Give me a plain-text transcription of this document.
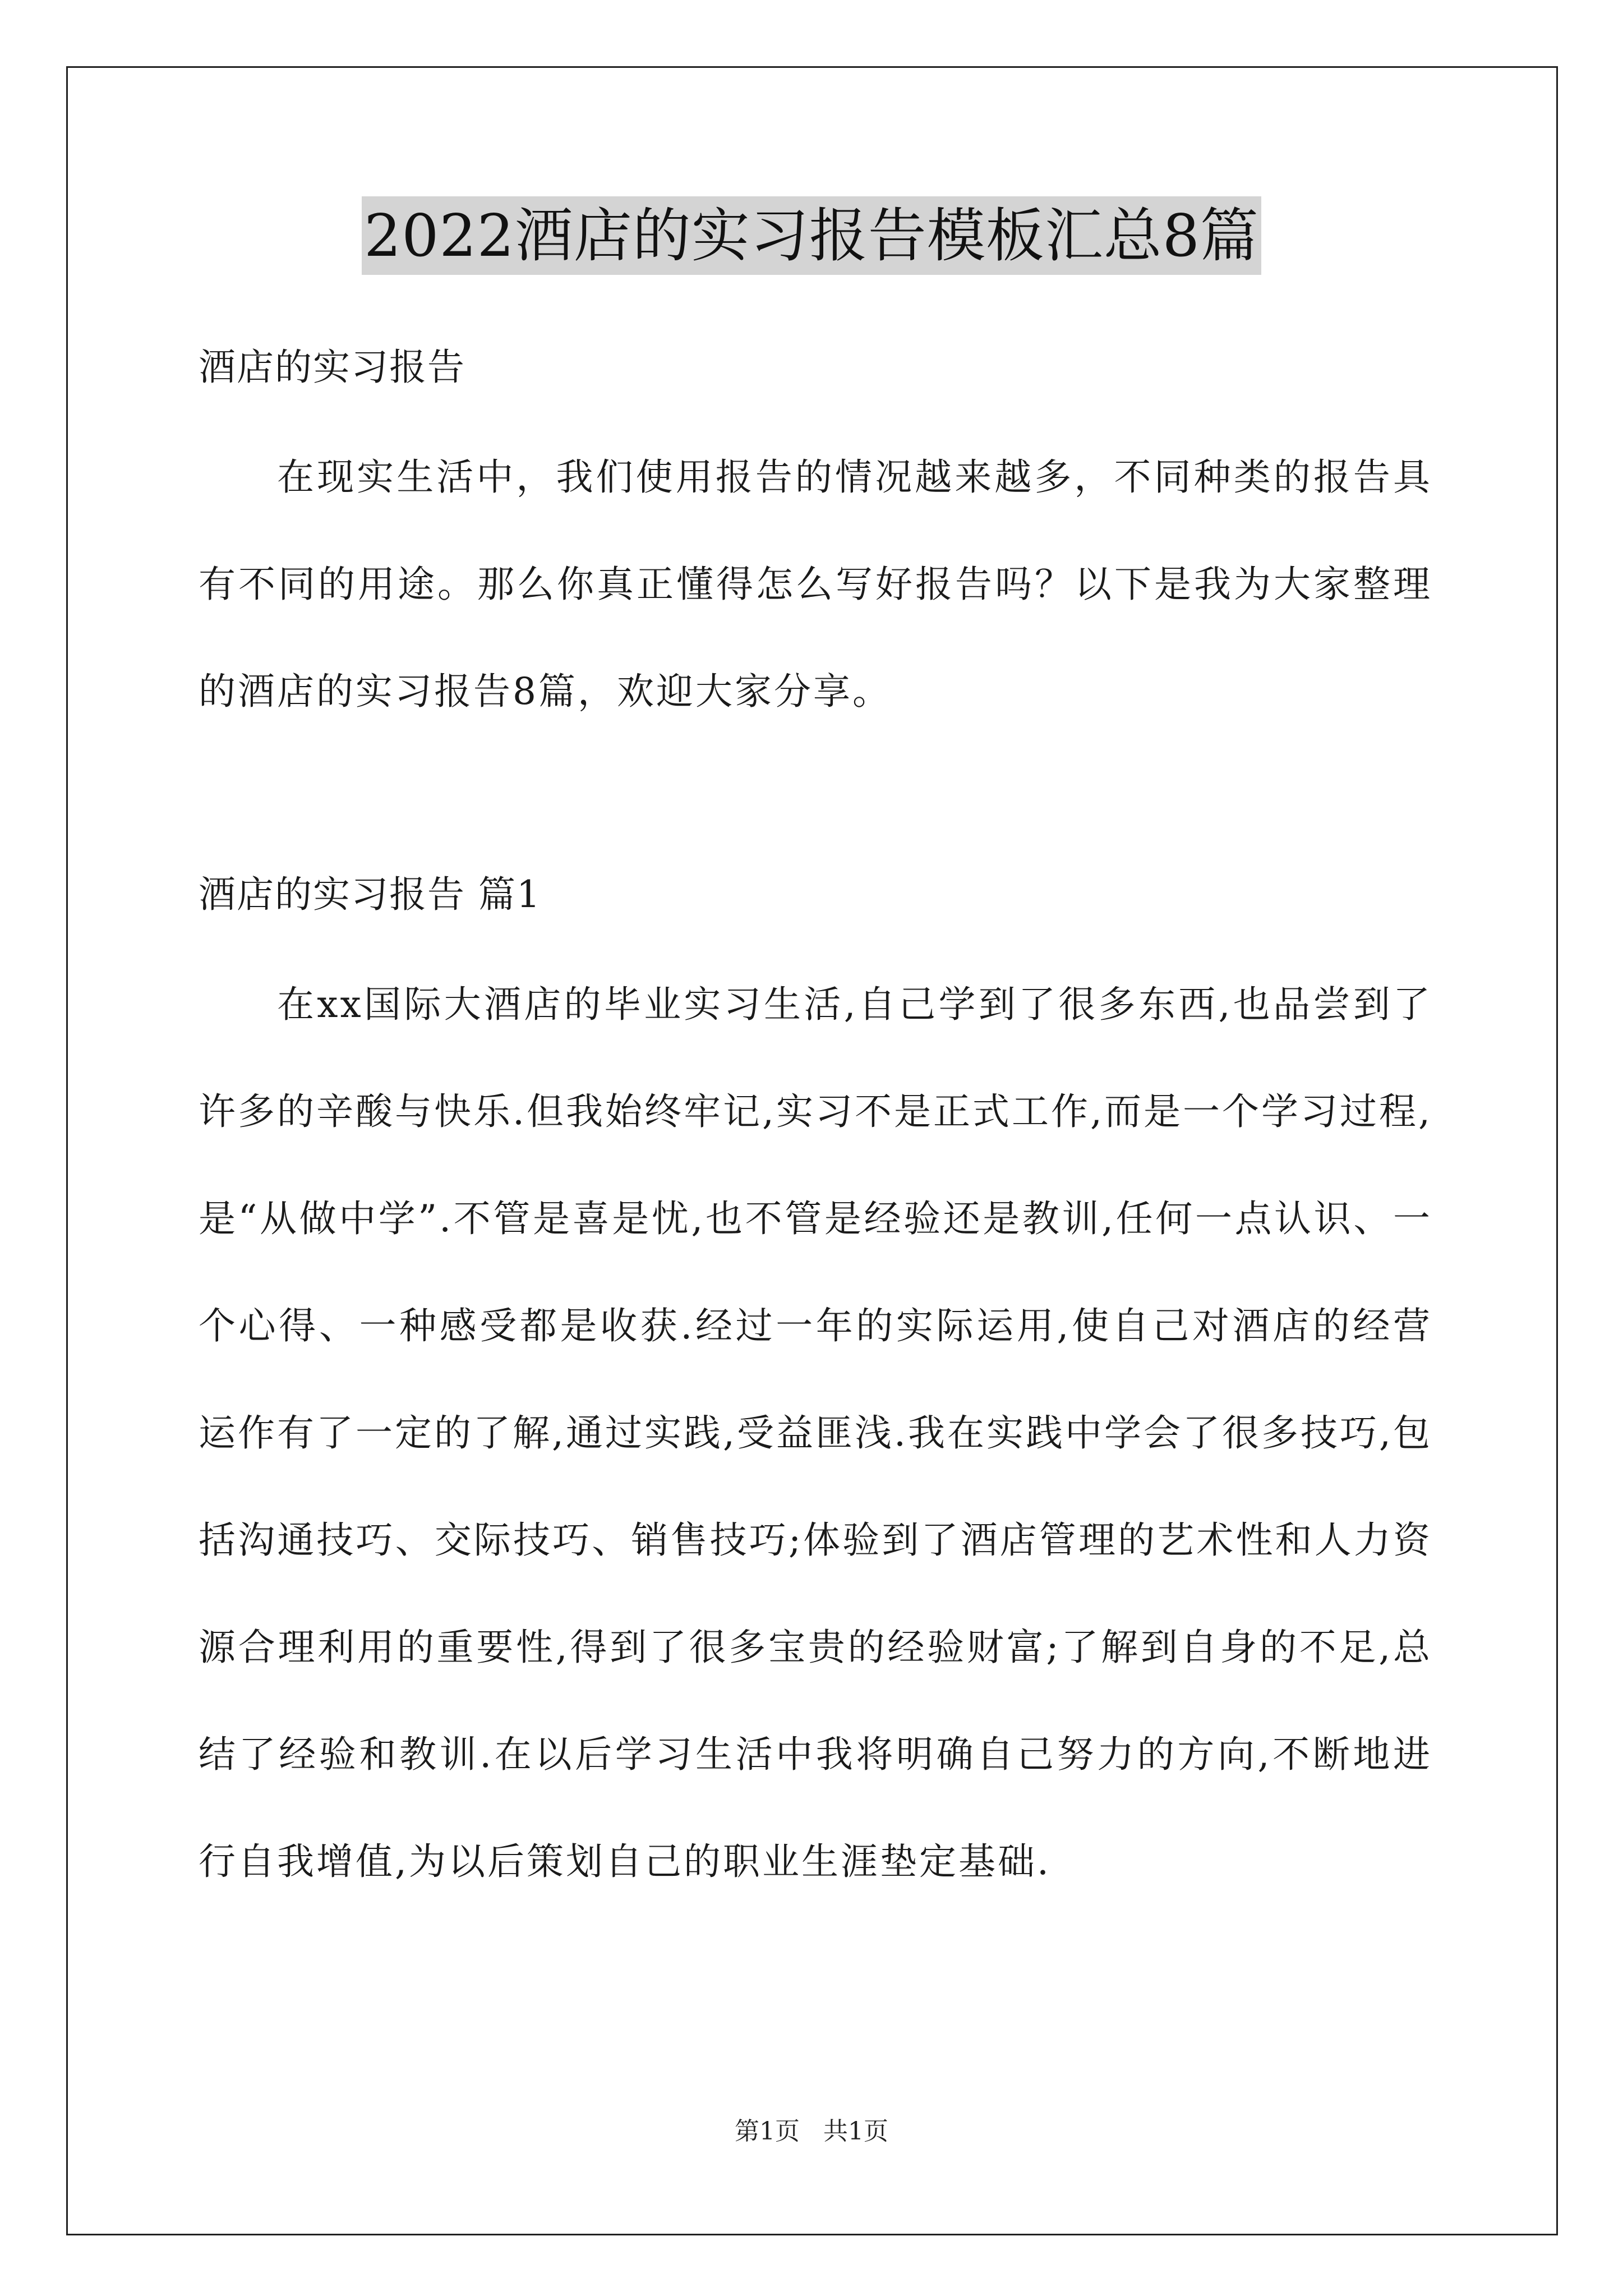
2022酒店的实习报告模板汇总8篇

酒店的实习报告

在现实生活中，我们使用报告的情况越来越多，不同种类的报告具有不同的用途。那么你真正懂得怎么写好报告吗？以下是我为大家整理的酒店的实习报告8篇，欢迎大家分享。

酒店的实习报告 篇1

在xx国际大酒店的毕业实习生活,自己学到了很多东西,也品尝到了许多的辛酸与快乐.但我始终牢记,实习不是正式工作,而是一个学习过程,是“从做中学”.不管是喜是忧,也不管是经验还是教训,任何一点认识、一个心得、一种感受都是收获.经过一年的实际运用,使自己对酒店的经营运作有了一定的了解,通过实践,受益匪浅.我在实践中学会了很多技巧,包括沟通技巧、交际技巧、销售技巧;体验到了酒店管理的艺术性和人力资源合理利用的重要性,得到了很多宝贵的经验财富;了解到自身的不足,总结了经验和教训.在以后学习生活中我将明确自己努力的方向,不断地进行自我增值,为以后策划自己的职业生涯垫定基础.

第1页   共1页
